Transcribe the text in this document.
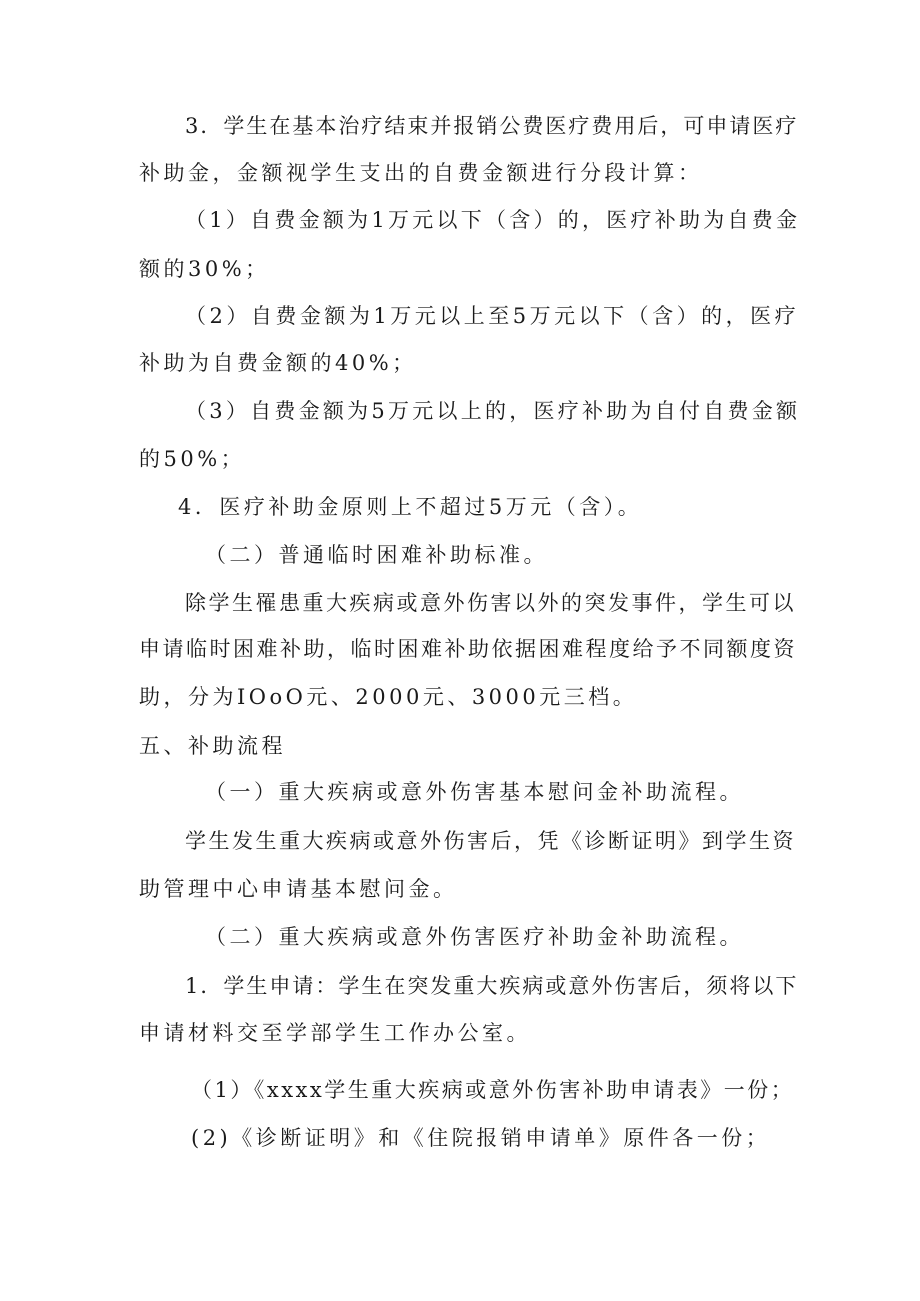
3．学生在基本治疗结束并报销公费医疗费用后，可申请医疗
补助金，金额视学生支出的自费金额进行分段计算：
（1）自费金额为1万元以下（含）的，医疗补助为自费金
额的30%；
（2）自费金额为1万元以上至5万元以下（含）的，医疗
补助为自费金额的40%；
（3）自费金额为5万元以上的，医疗补助为自付自费金额
的50%；
4．医疗补助金原则上不超过5万元（含）。
（二）普通临时困难补助标准。
除学生罹患重大疾病或意外伤害以外的突发事件，学生可以
申请临时困难补助，临时困难补助依据困难程度给予不同额度资
助，分为IOoO元、2000元、3000元三档。
五、补助流程
（一）重大疾病或意外伤害基本慰问金补助流程。
学生发生重大疾病或意外伤害后，凭《诊断证明》到学生资
助管理中心申请基本慰问金。
（二）重大疾病或意外伤害医疗补助金补助流程。
1．学生申请：学生在突发重大疾病或意外伤害后，须将以下
申请材料交至学部学生工作办公室。
（1）《xxxx学生重大疾病或意外伤害补助申请表》一份；
(2)《诊断证明》和《住院报销申请单》原件各一份；
